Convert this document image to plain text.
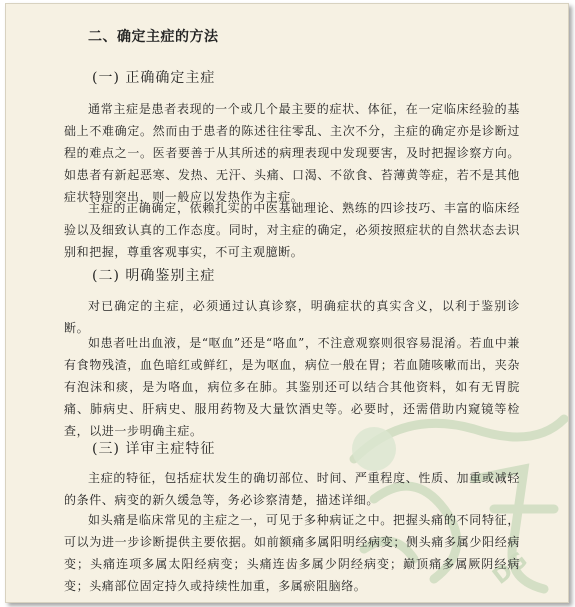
DG
二、确定主症的方法
(一) 正确确定主症

通常主症是患者表现的一个或几个最主要的症状、体征，在一定临床经验的基础上不难确定。然而由于患者的陈述往往零乱、主次不分，主症的确定亦是诊断过程的难点之一。医者要善于从其所述的病理表现中发现要害，及时把握诊察方向。如患者有新起恶寒、发热、无汗、头痛、口渴、不欲食、苔薄黄等症，若不是其他症状特别突出，则一般应以发热作为主症。

主症的正确确定，依赖扎实的中医基础理论、熟练的四诊技巧、丰富的临床经验以及细致认真的工作态度。同时，对主症的确定，必须按照症状的自然状态去识别和把握，尊重客观事实，不可主观臆断。

(二) 明确鉴别主症

对已确定的主症，必须通过认真诊察，明确症状的真实含义，以利于鉴别诊断。

如患者吐出血液，是“呕血”还是“咯血”，不注意观察则很容易混淆。若血中兼有食物残渣，血色暗红或鲜红，是为呕血，病位一般在胃；若血随咳嗽而出，夹杂有泡沫和痰，是为咯血，病位多在肺。其鉴别还可以结合其他资料，如有无胃脘痛、肺病史、肝病史、服用药物及大量饮酒史等。必要时，还需借助内窥镜等检查，以进一步明确主症。

(三) 详审主症特征

主症的特征，包括症状发生的确切部位、时间、严重程度、性质、加重或减轻的条件、病变的新久缓急等，务必诊察清楚，描述详细。

如头痛是临床常见的主症之一，可见于多种病证之中。把握头痛的不同特征，可以为进一步诊断提供主要依据。如前额痛多属阳明经病变；侧头痛多属少阳经病变；头痛连项多属太阳经病变；头痛连齿多属少阴经病变；巅顶痛多属厥阴经病变；头痛部位固定持久或持续性加重，多属瘀阻脑络。
